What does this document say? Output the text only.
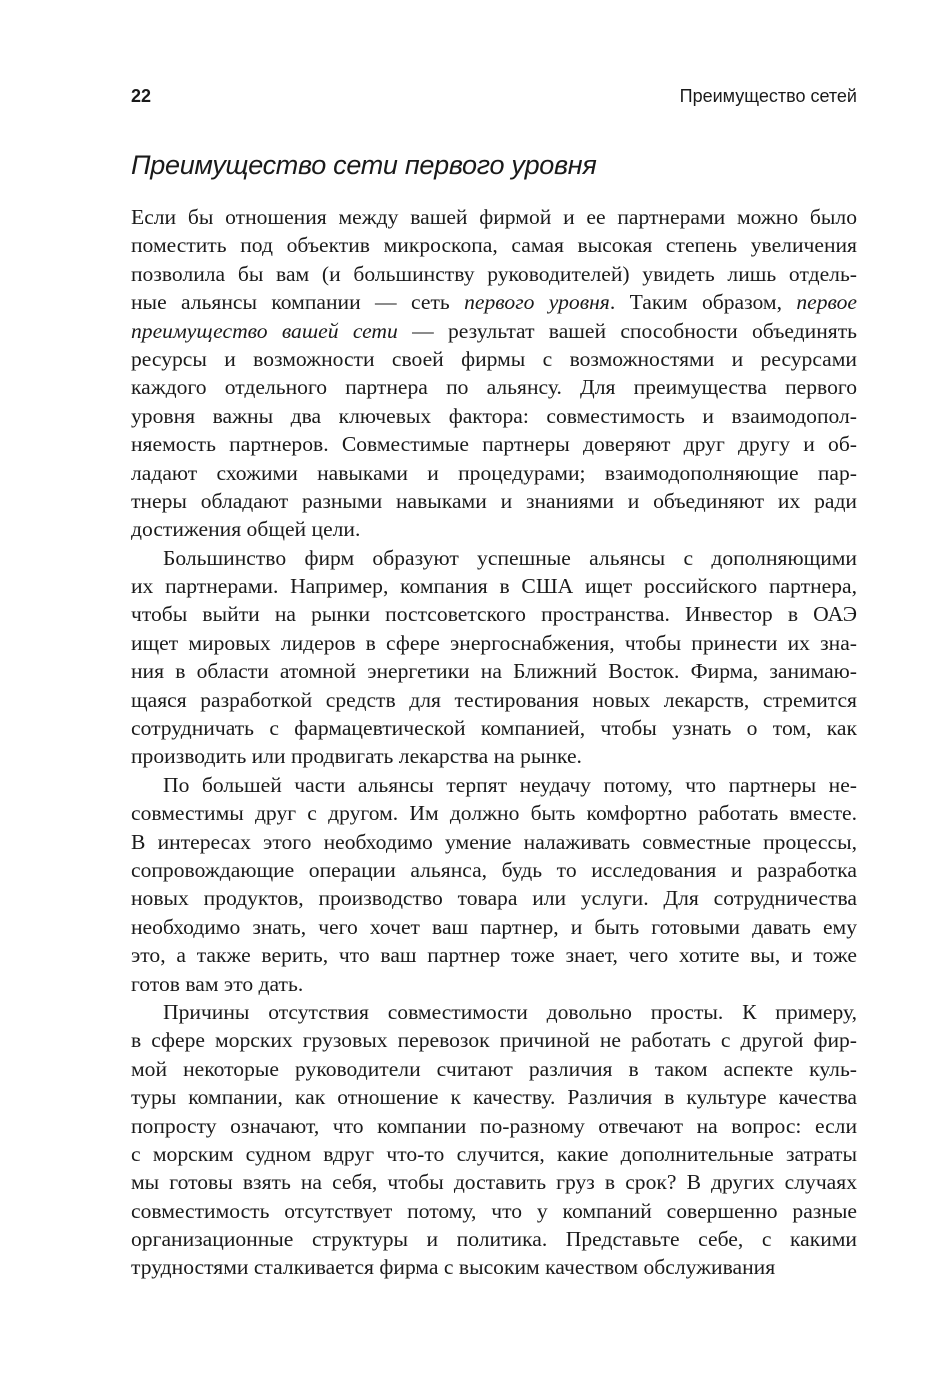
22	Преимущество сетей
Преимущество сети первого уровня
Если бы отношения между вашей фирмой и ее партнерами можно было
поместить под объектив микроскопа, самая высокая степень увеличения
позволила бы вам (и большинству руководителей) увидеть лишь отдель-
ные альянсы компании — сеть первого уровня. Таким образом, первое
преимущество вашей сети — результат вашей способности объединять
ресурсы и возможности своей фирмы с возможностями и ресурсами
каждого отдельного партнера по альянсу. Для преимущества первого
уровня важны два ключевых фактора: совместимость и взаимодопол-
няемость партнеров. Совместимые партнеры доверяют друг другу и об-
ладают схожими навыками и процедурами; взаимодополняющие пар-
тнеры обладают разными навыками и знаниями и объединяют их ради
достижения общей цели.
Большинство фирм образуют успешные альянсы с дополняющими
их партнерами. Например, компания в США ищет российского партнера,
чтобы выйти на рынки постсоветского пространства. Инвестор в ОАЭ
ищет мировых лидеров в сфере энергоснабжения, чтобы принести их зна-
ния в области атомной энергетики на Ближний Восток. Фирма, занимаю-
щаяся разработкой средств для тестирования новых лекарств, стремится
сотрудничать с фармацевтической компанией, чтобы узнать о том, как
производить или продвигать лекарства на рынке.
По большей части альянсы терпят неудачу потому, что партнеры не-
совместимы друг с другом. Им должно быть комфортно работать вместе.
В интересах этого необходимо умение налаживать совместные процессы,
сопровождающие операции альянса, будь то исследования и разработка
новых продуктов, производство товара или услуги. Для сотрудничества
необходимо знать, чего хочет ваш партнер, и быть готовыми давать ему
это, а также верить, что ваш партнер тоже знает, чего хотите вы, и тоже
готов вам это дать.
Причины отсутствия совместимости довольно просты. К примеру,
в сфере морских грузовых перевозок причиной не работать с другой фир-
мой некоторые руководители считают различия в таком аспекте куль-
туры компании, как отношение к качеству. Различия в культуре качества
попросту означают, что компании по-разному отвечают на вопрос: если
с морским судном вдруг что-то случится, какие дополнительные затраты
мы готовы взять на себя, чтобы доставить груз в срок? В других случаях
совместимость отсутствует потому, что у компаний совершенно разные
организационные структуры и политика. Представьте себе, с какими
трудностями сталкивается фирма с высоким качеством обслуживания
